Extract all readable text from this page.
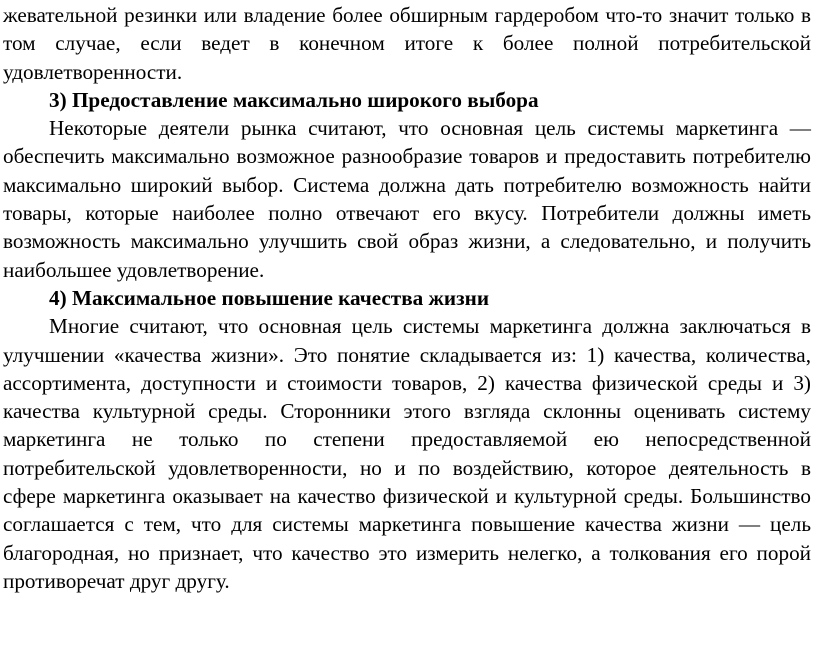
жевательной резинки или владение более обширным гардеробом что-то значит только в том случае, если ведет в конечном итоге к более полной потребительской удовлетворенности.

3) Предоставление максимально широкого выбора

Некоторые деятели рынка считают, что основная цель системы маркетинга ― обеспечить максимально возможное разнообразие товаров и предоставить потребителю максимально широкий выбор. Система должна дать потребителю возможность найти товары, которые наиболее полно отвечают его вкусу. Потребители должны иметь возможность максимально улучшить свой образ жизни, а следовательно, и получить наибольшее удовлетворение.

4) Максимальное повышение качества жизни

Многие считают, что основная цель системы маркетинга должна заключаться в улучшении «качества жизни». Это понятие складывается из: 1) качества, количества, ассортимента, доступности и стоимости товаров, 2) качества физической среды и 3) качества культурной среды. Сторонники этого взгляда склонны оценивать систему маркетинга не только по степени предоставляемой ею непосредственной потребительской удовлетворенности, но и по воздействию, которое деятельность в сфере маркетинга оказывает на качество физической и культурной среды. Большинство соглашается с тем, что для системы маркетинга повышение качества жизни ― цель благородная, но признает, что качество это измерить нелегко, а толкования его порой противоречат друг другу.
